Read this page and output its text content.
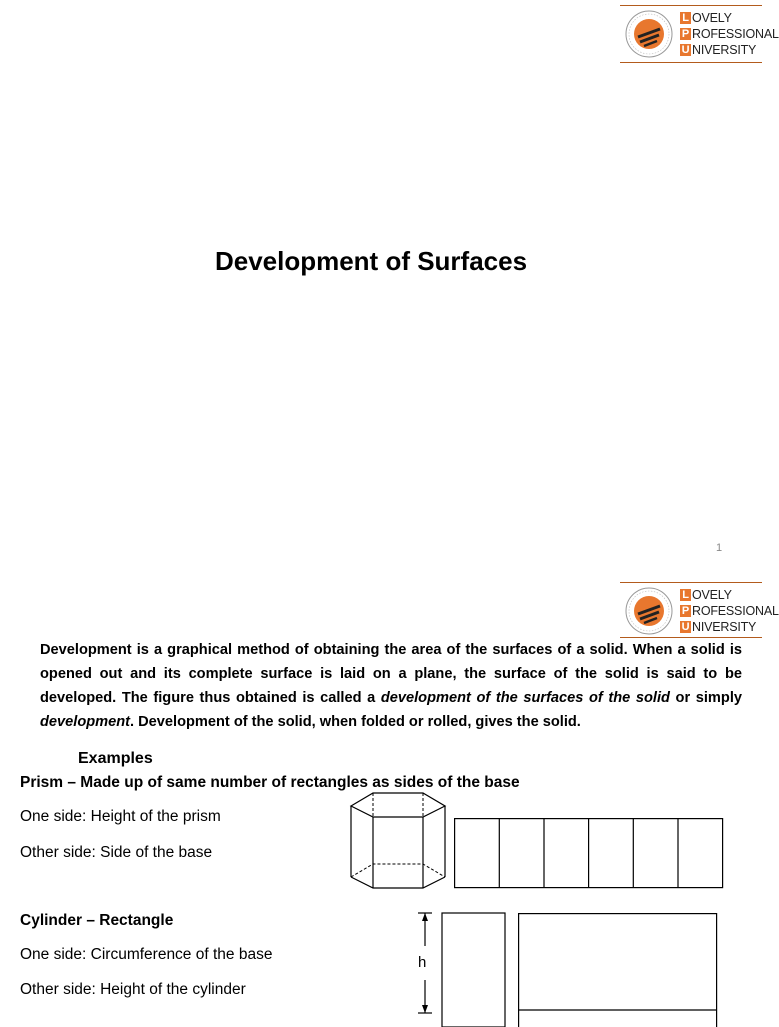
L OVELY
P ROFESSIONAL
U NIVERSITY
Development of Surfaces
1
L OVELY
P ROFESSIONAL
U NIVERSITY
Development is a graphical method of obtaining the area of the surfaces of a solid. When a solid is opened out and its complete surface is laid on a plane, the surface of the solid is said to be developed. The figure thus obtained is called a development of the surfaces of the solid or simply development. Development of the solid, when folded or rolled, gives the solid.
Examples
Prism – Made up of same number of rectangles as sides of the base
One side: Height of the prism
Other side: Side of the base
Cylinder – Rectangle
One side: Circumference of the base
Other side: Height of the cylinder
h
